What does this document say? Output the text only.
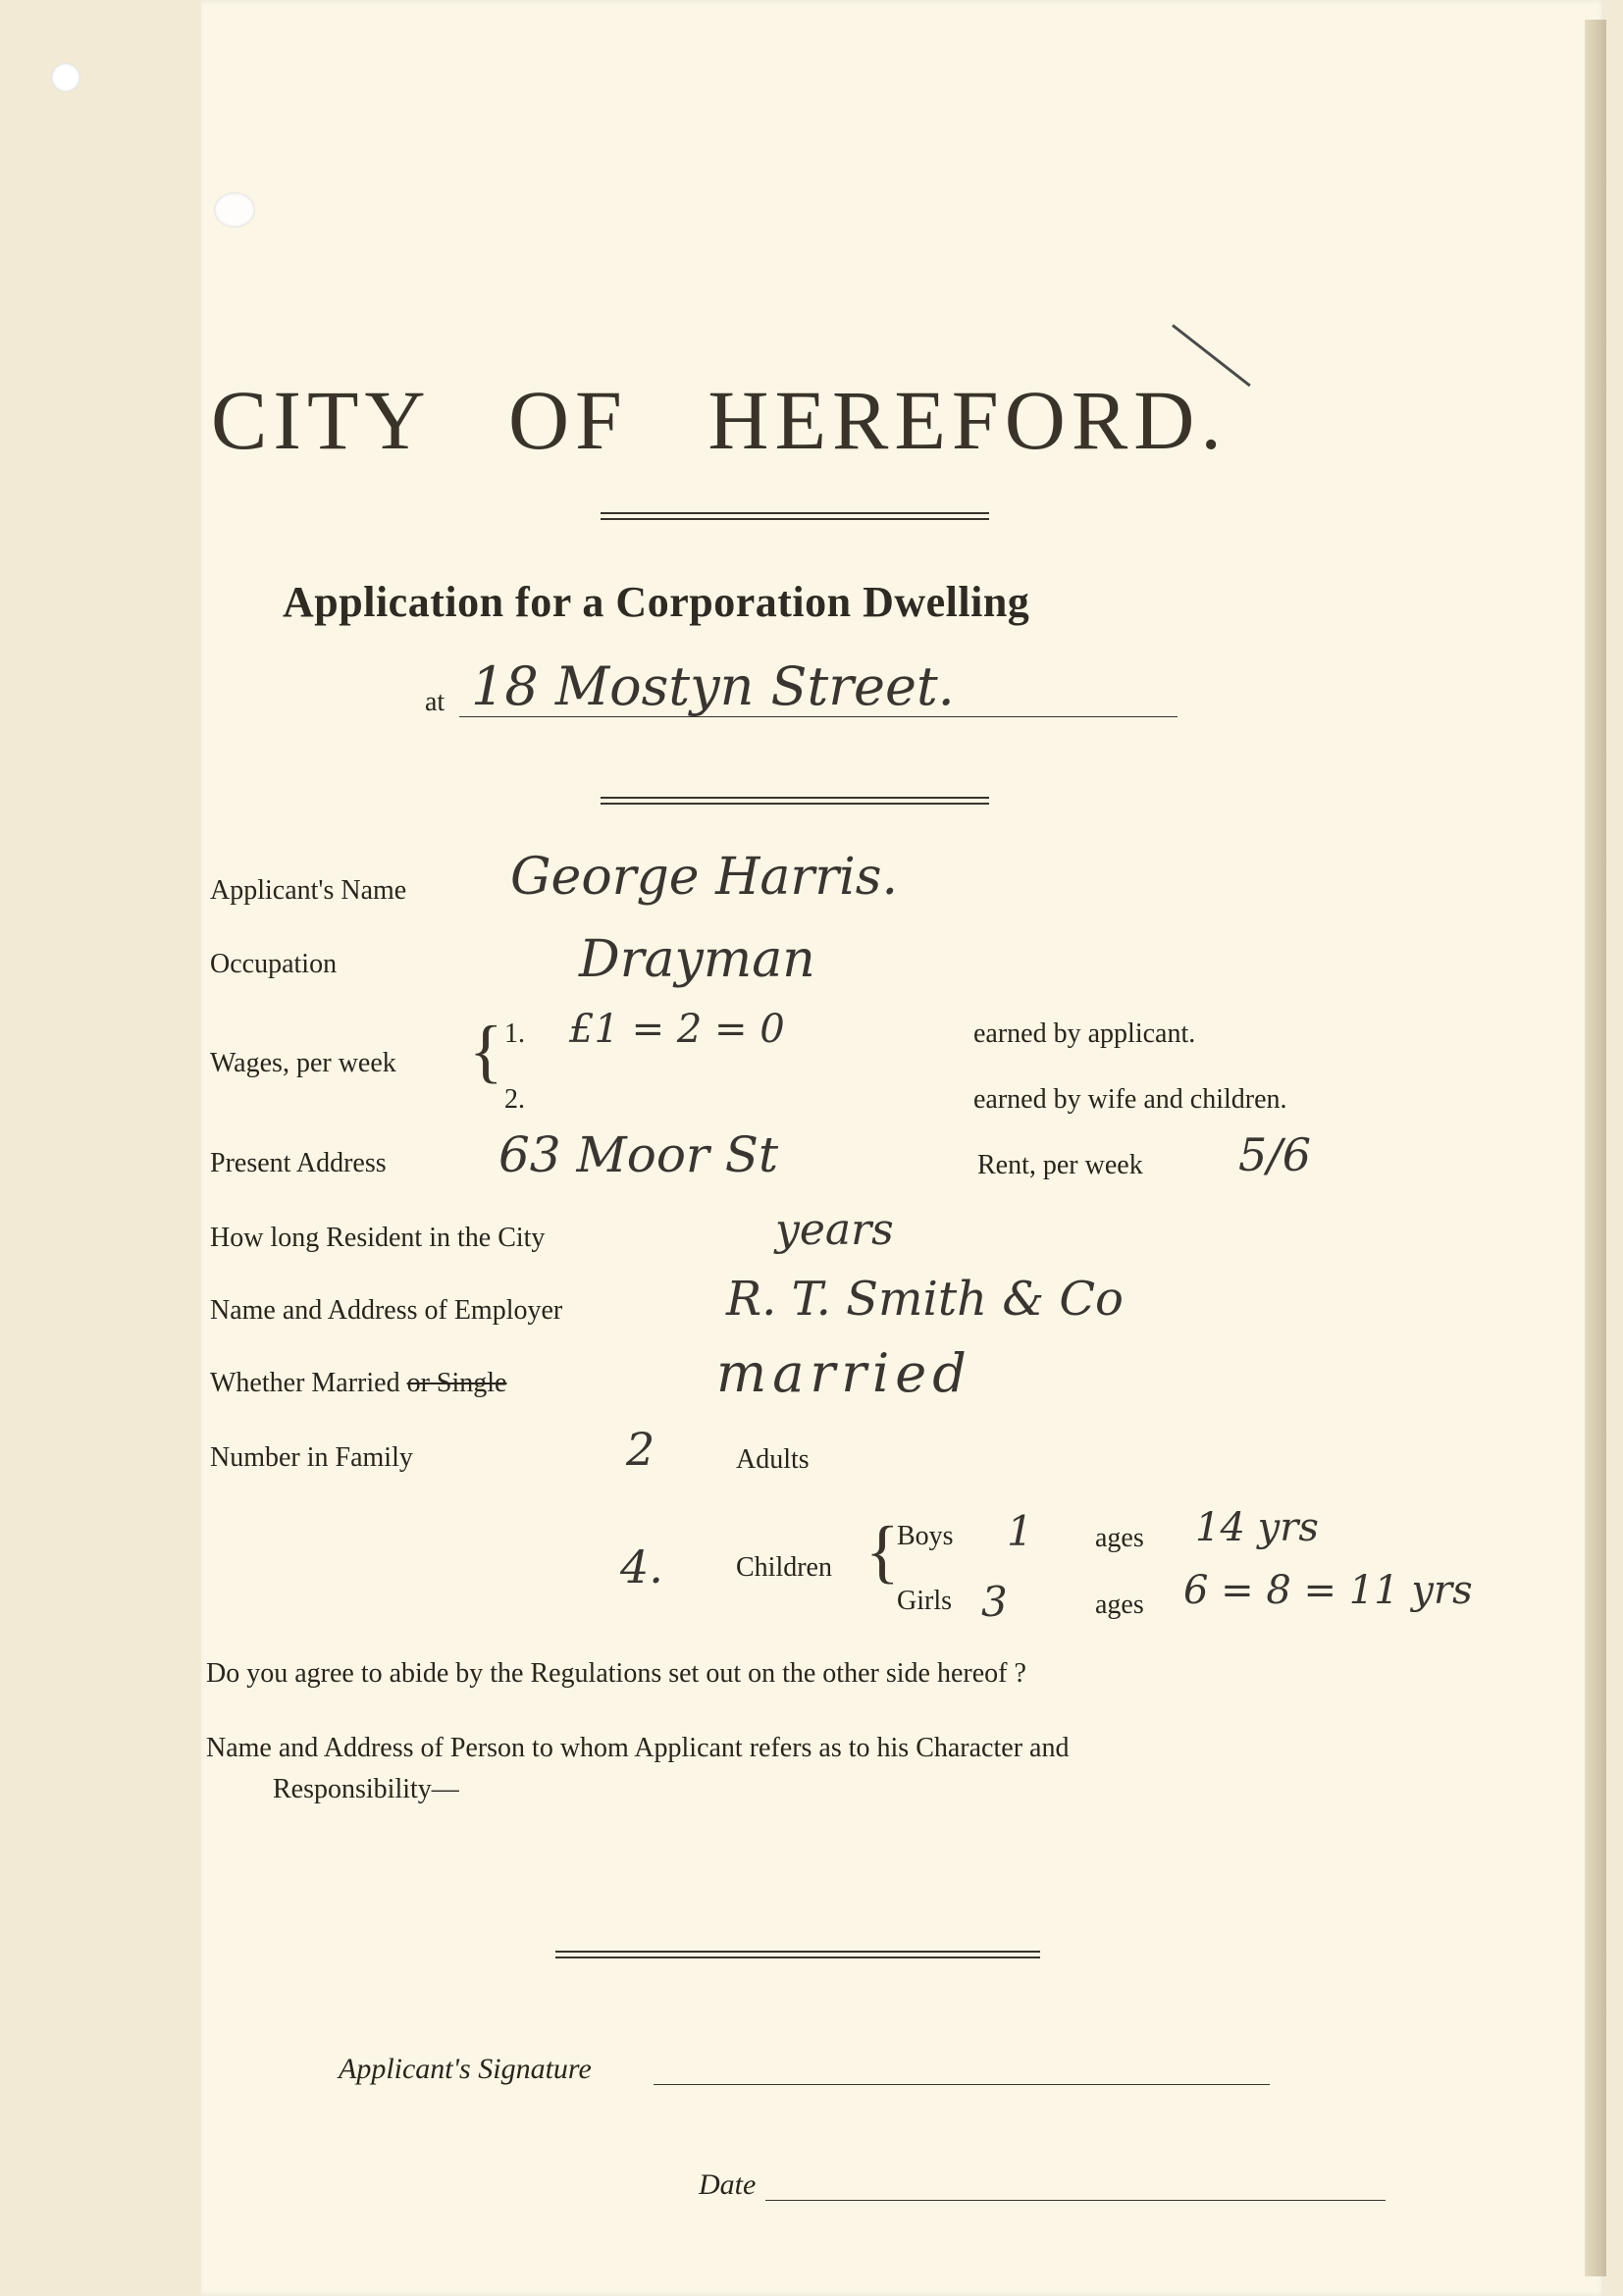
CITY OF HEREFORD.
Application for a Corporation Dwelling
at 18 Mostyn Street.
Applicant's Name George Harris.
Occupation	Drayman
Wages, per week { 1. £1 = 2 = 0	earned by applicant.
2.	earned by wife and children.
Present Address 63 Moor St	Rent, per week 5/6
How long Resident in the City	years
Name and Address of Employer	R. T. Smith & Co
Whether Married or Single	married
Number in Family	2	Adults
4.	Children {
Boys 1 ages 14 yrs
Girls 3	ages 6 = 8 = 11 yrs
Do you agree to abide by the Regulations set out on the other side hereof ?
Name and Address of Person to whom Applicant refers as to his Character and
Responsibility—
Applicant's Signature
Date
